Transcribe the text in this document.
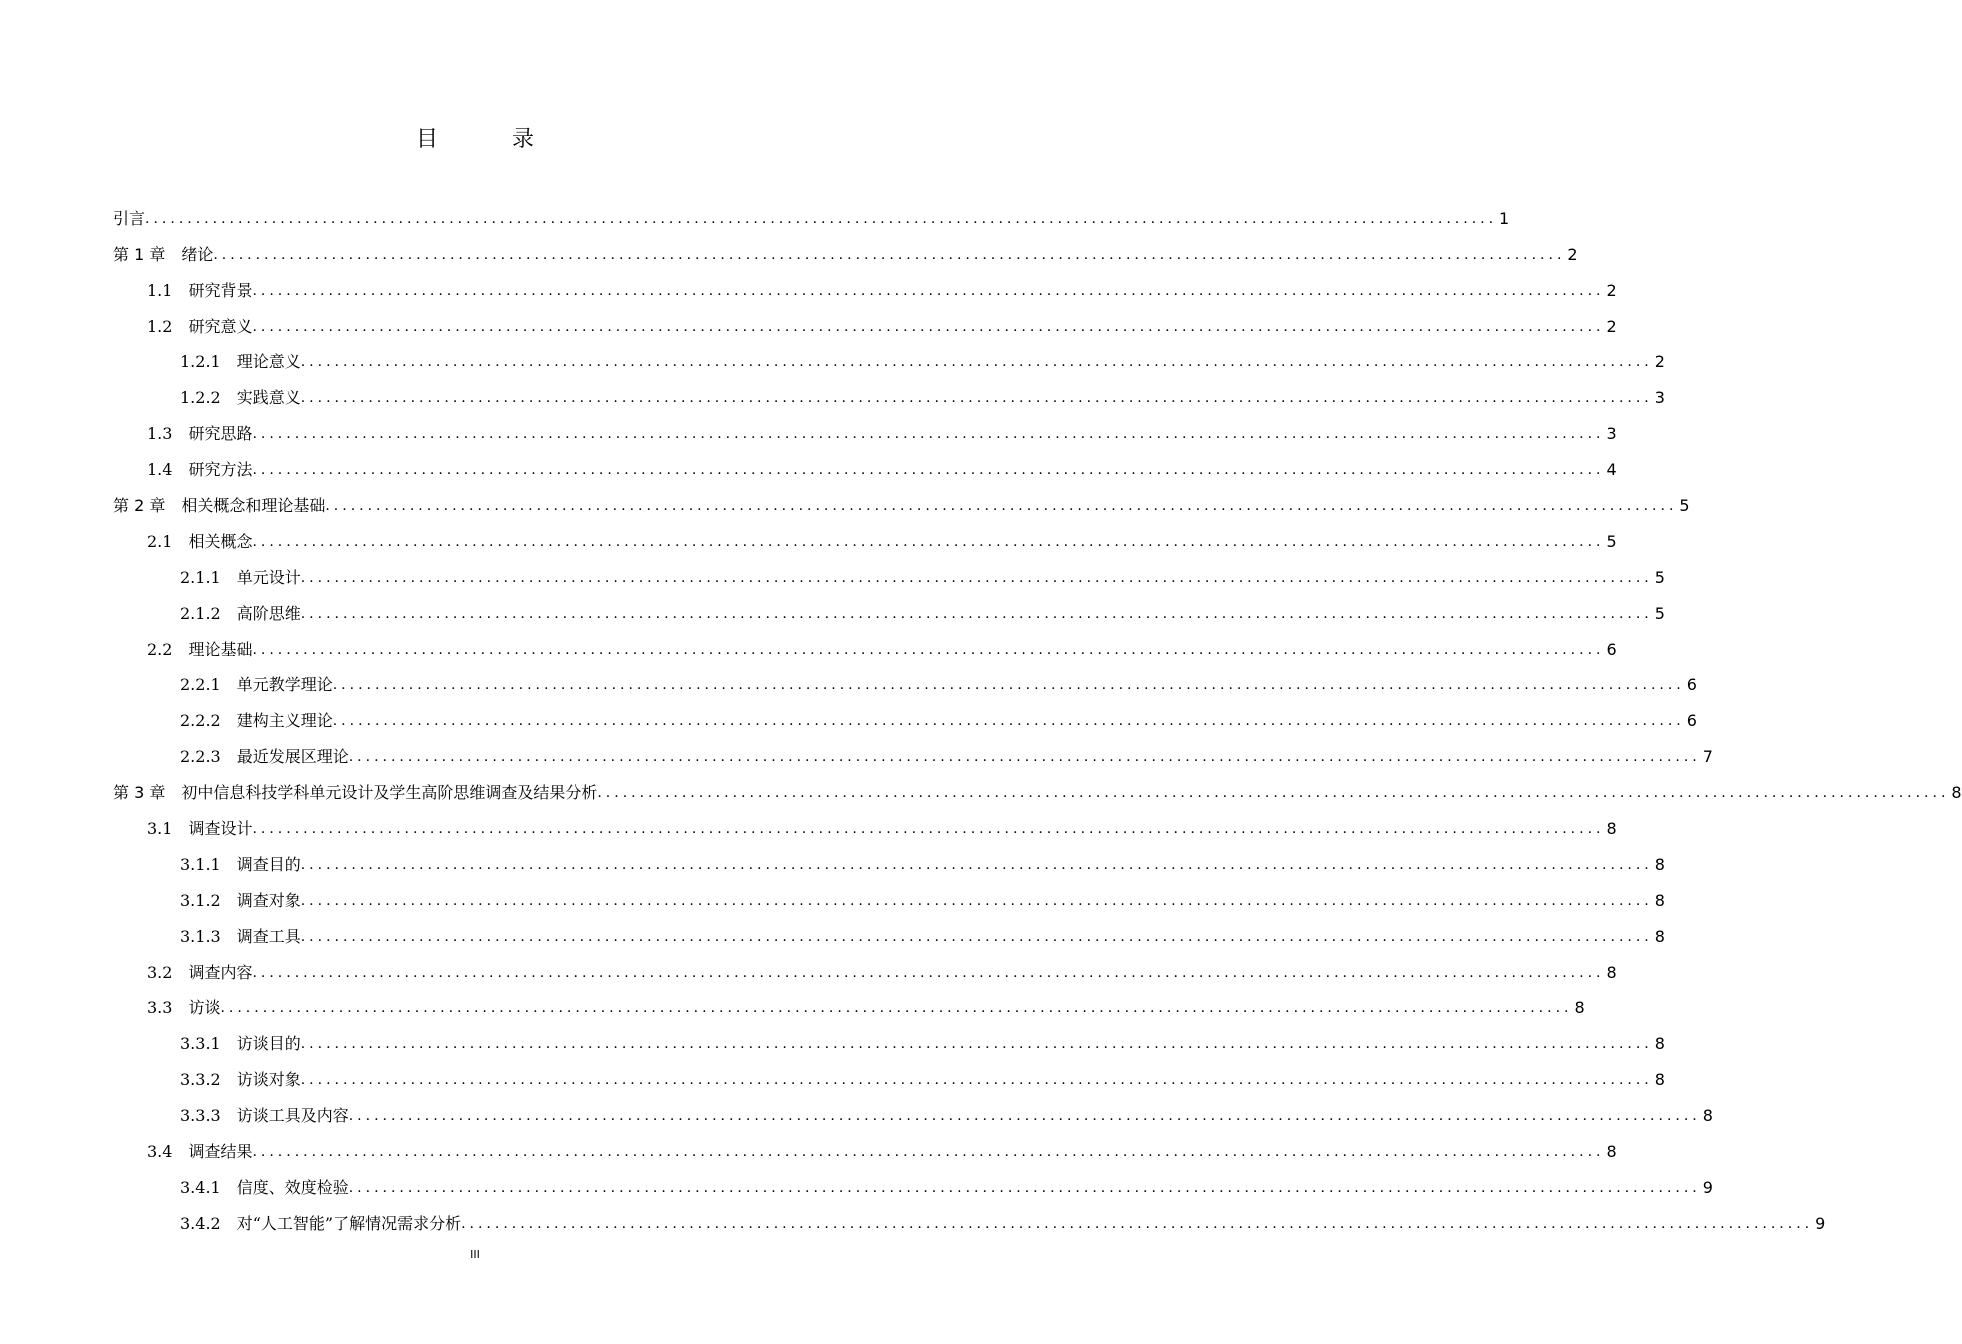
目　录
引言 ................................................................................................................................................................ 1
第 1 章　绪论 ................................................................................................................................................................ 2
1.1　研究背景 ................................................................................................................................................................ 2
1.2　研究意义 ................................................................................................................................................................ 2
1.2.1　理论意义 ................................................................................................................................................................ 2
1.2.2　实践意义 ................................................................................................................................................................ 3
1.3　研究思路 ................................................................................................................................................................ 3
1.4　研究方法 ................................................................................................................................................................ 4
第 2 章　相关概念和理论基础 ................................................................................................................................................................ 5
2.1　相关概念 ................................................................................................................................................................ 5
2.1.1　单元设计 ................................................................................................................................................................ 5
2.1.2　高阶思维 ................................................................................................................................................................ 5
2.2　理论基础 ................................................................................................................................................................ 6
2.2.1　单元教学理论 ................................................................................................................................................................ 6
2.2.2　建构主义理论 ................................................................................................................................................................ 6
2.2.3　最近发展区理论 ................................................................................................................................................................ 7
第 3 章　初中信息科技学科单元设计及学生高阶思维调查及结果分析 ................................................................................................................................................................ 8
3.1　调查设计 ................................................................................................................................................................ 8
3.1.1　调查目的 ................................................................................................................................................................ 8
3.1.2　调查对象 ................................................................................................................................................................ 8
3.1.3　调查工具 ................................................................................................................................................................ 8
3.2　调查内容 ................................................................................................................................................................ 8
3.3　访谈 ................................................................................................................................................................ 8
3.3.1　访谈目的 ................................................................................................................................................................ 8
3.3.2　访谈对象 ................................................................................................................................................................ 8
3.3.3　访谈工具及内容 ................................................................................................................................................................ 8
3.4　调查结果 ................................................................................................................................................................ 8
3.4.1　信度、效度检验 ................................................................................................................................................................ 9
3.4.2　对“人工智能”了解情况需求分析 ................................................................................................................................................................ 9
III
